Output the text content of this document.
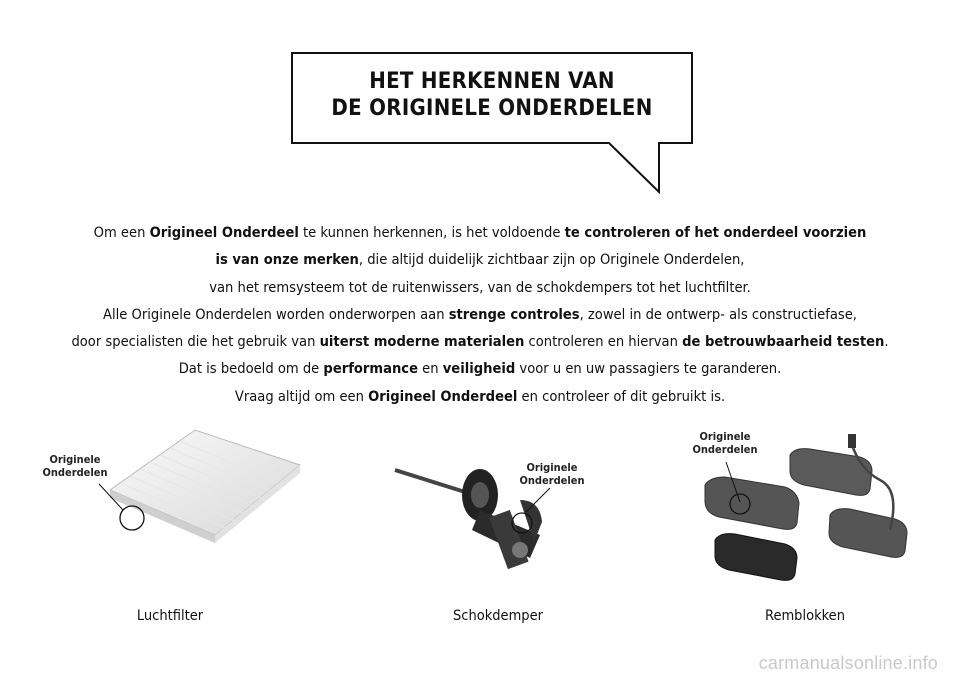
HET HERKENNEN VAN
DE ORIGINELE ONDERDELEN
Om een Origineel Onderdeel te kunnen herkennen, is het voldoende te controleren of het onderdeel voorzien
is van onze merken, die altijd duidelijk zichtbaar zijn op Originele Onderdelen,
van het remsysteem tot de ruitenwissers, van de schokdempers tot het luchtfilter.
Alle Originele Onderdelen worden onderworpen aan strenge controles, zowel in de ontwerp- als constructiefase,
door specialisten die het gebruik van uiterst moderne materialen controleren en hiervan de betrouwbaarheid testen.
Dat is bedoeld om de performance en veiligheid voor u en uw passagiers te garanderen.
Vraag altijd om een Origineel Onderdeel en controleer of dit gebruikt is.
Originele
Onderdelen	Originele
Onderdelen
Originele
Onderdelen
Luchtfilter	Schokdemper	Remblokken
carmanualsonline.info
